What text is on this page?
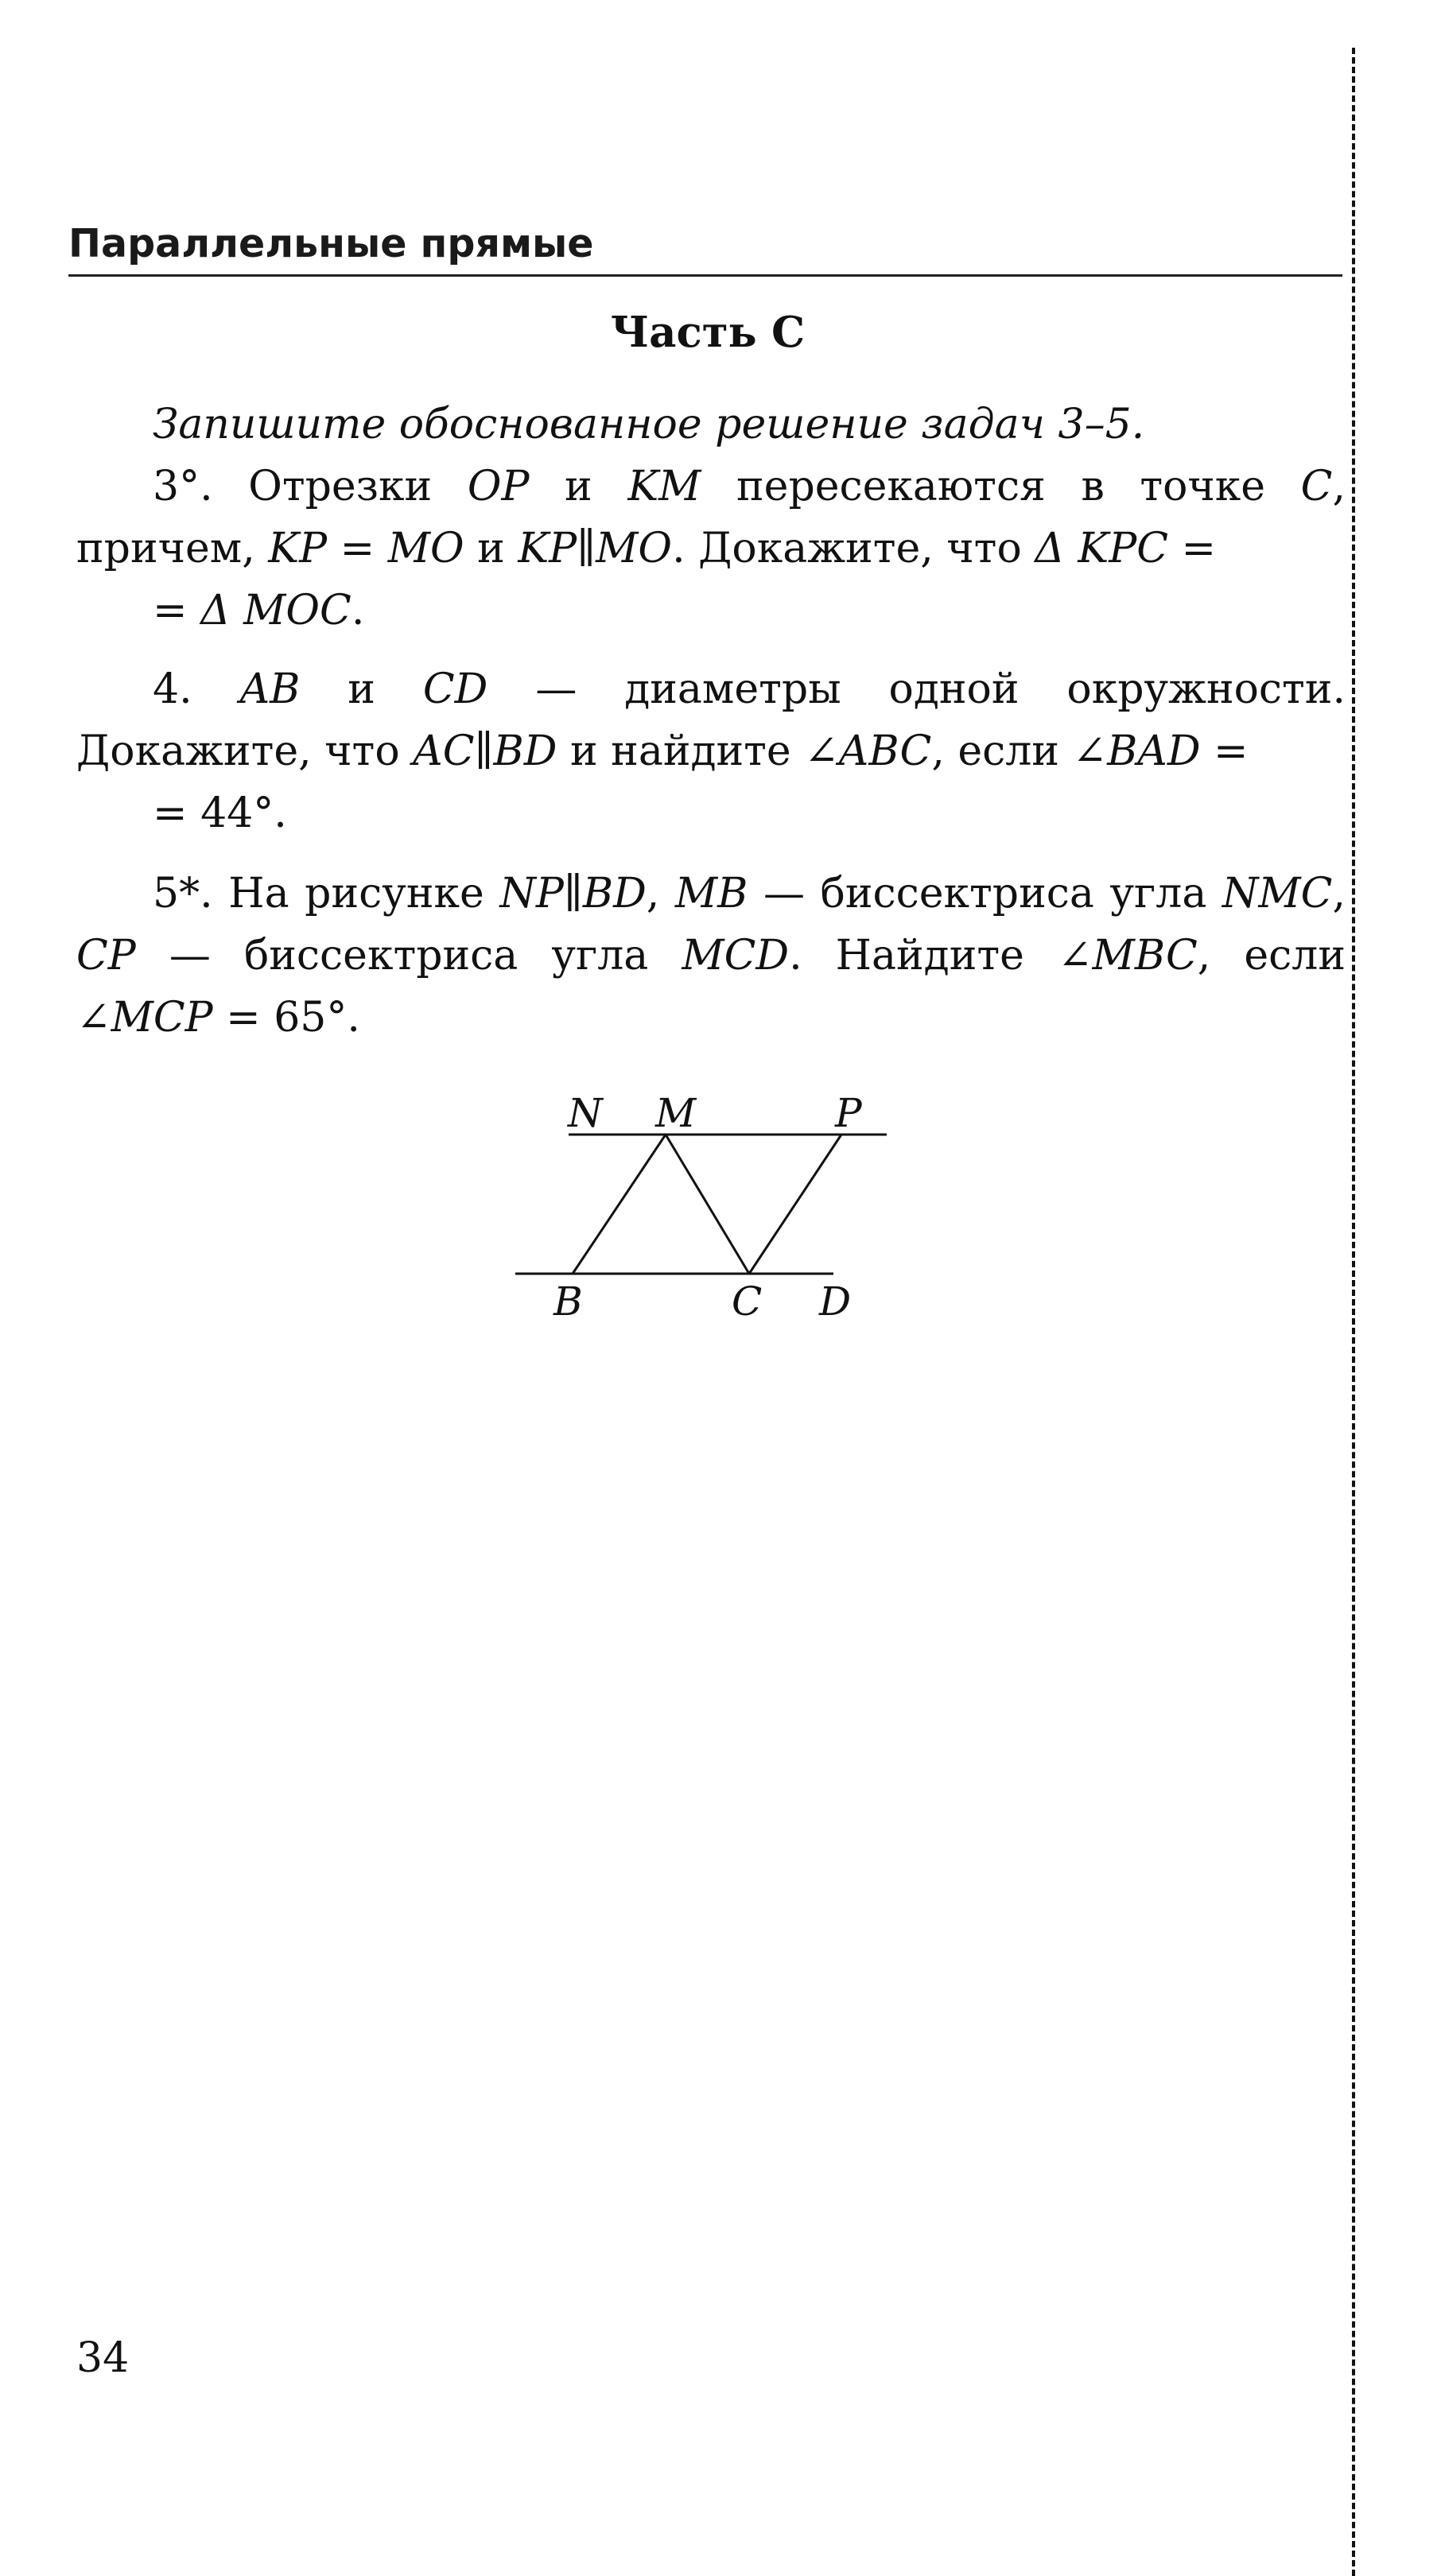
Параллельные прямые
Часть С
Запишите обоснованное решение задач 3–5.

3°. Отрезки OP и KM пересекаются в точке C, причем, KP = MO и KP∥MO. Докажите, что Δ KPC =
= Δ MOC.

4. AB и CD — диаметры одной окружности. Докажите, что AC∥BD и найдите ∠ABC, если ∠BAD =
= 44°.

5*. На рисунке NP∥BD, MB — биссектриса угла NMC, CP — биссектриса угла MCD. Найдите ∠MBC, если ∠MCP = 65°.

N M	P
B	C D
34
